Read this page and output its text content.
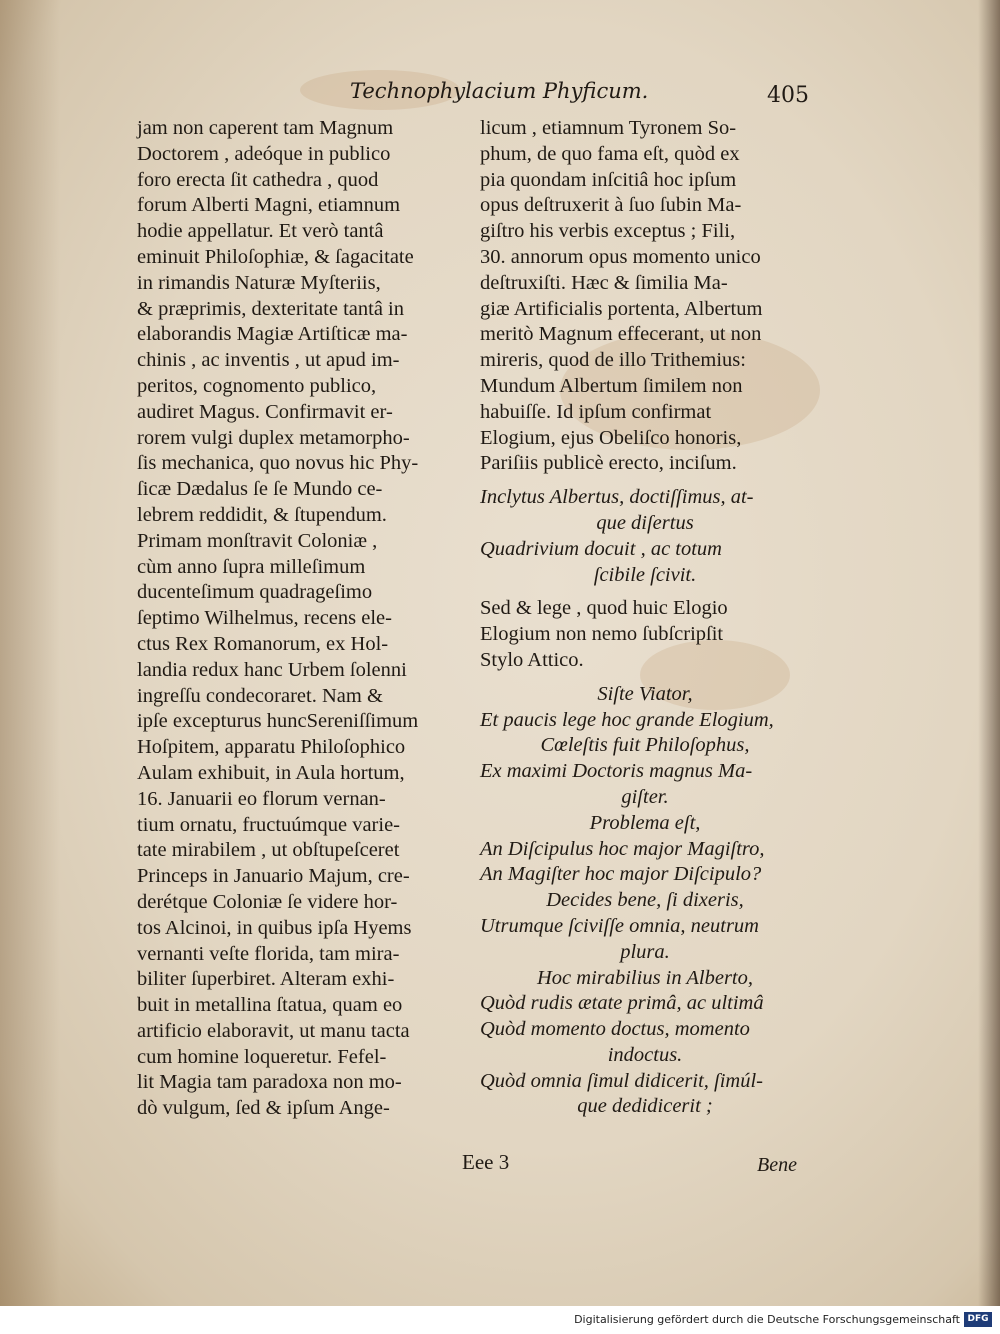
Technophylacium Phyficum.	405
jam non caperent tam Magnum
Doctorem , adeóque in publico
foro erecta ſit cathedra , quod
forum Alberti Magni, etiamnum
hodie appellatur. Et verò tantâ
eminuit Philoſophiæ, & ſagacitate
in rimandis Naturæ Myſteriis,
& præprimis, dexteritate tantâ in
elaborandis Magiæ Artiſticæ ma-
chinis , ac inventis , ut apud im-
peritos, cognomento publico,
audiret Magus. Confirmavit er-
rorem vulgi duplex metamorpho-
ſis mechanica, quo novus hic Phy-
ſicæ Dædalus ſe ſe Mundo ce-
lebrem reddidit, & ſtupendum.
Primam monſtravit Coloniæ ,
cùm anno ſupra milleſimum
ducenteſimum quadrageſimo
ſeptimo Wilhelmus, recens ele-
ctus Rex Romanorum, ex Hol-
landia redux hanc Urbem ſolenni
ingreſſu condecoraret. Nam &
ipſe excepturus huncSereniſſimum
Hoſpitem, apparatu Philoſophico
Aulam exhibuit, in Aula hortum,
16. Januarii eo florum vernan-
tium ornatu, fructuúmque varie-
tate mirabilem , ut obſtupeſceret
Princeps in Januario Majum, cre-
derétque Coloniæ ſe videre hor-
tos Alcinoi, in quibus ipſa Hyems
vernanti veſte florida, tam mira-
biliter ſuperbiret. Alteram exhi-
buit in metallina ſtatua, quam eo
artificio elaboravit, ut manu tacta
cum homine loqueretur. Fefel-
lit Magia tam paradoxa non mo-
dò vulgum, ſed & ipſum Ange-
licum , etiamnum Tyronem So-
phum, de quo fama eſt, quòd ex
pia quondam inſcitiâ hoc ipſum
opus deſtruxerit à ſuo ſubin Ma-
giſtro his verbis exceptus ; Fili,
30. annorum opus momento unico
deſtruxiſti. Hæc & ſimilia Ma-
giæ Artificialis portenta, Albertum
meritò Magnum effecerant, ut non
mireris, quod de illo Trithemius:
Mundum Albertum ſimilem non
habuiſſe. Id ipſum confirmat
Elogium, ejus Obeliſco honoris,
Pariſiis publicè erecto, inciſum.
Inclytus Albertus, doctiſſimus, at-
que diſertus
Quadrivium docuit , ac totum
ſcibile ſcivit.
Sed & lege , quod huic Elogio
Elogium non nemo ſubſcripſit
Stylo Attico.
Siſte Viator,
Et paucis lege hoc grande Elogium,
Cœleſtis fuit Philoſophus,
Ex maximi Doctoris magnus Ma-
giſter.
Problema eſt,
An Diſcipulus hoc major Magiſtro,
An Magiſter hoc major Diſcipulo?
Decides bene, ſi dixeris,
Utrumque ſciviſſe omnia, neutrum
plura.
Hoc mirabilius in Alberto,
Quòd rudis ætate primâ, ac ultimâ
Quòd momento doctus, momento
indoctus.
Quòd omnia ſimul didicerit, ſimúl-
que dedidicerit ;
Eee 3	Bene
Digitalisierung gefördert durch die Deutsche Forschungsgemeinschaft DFG
